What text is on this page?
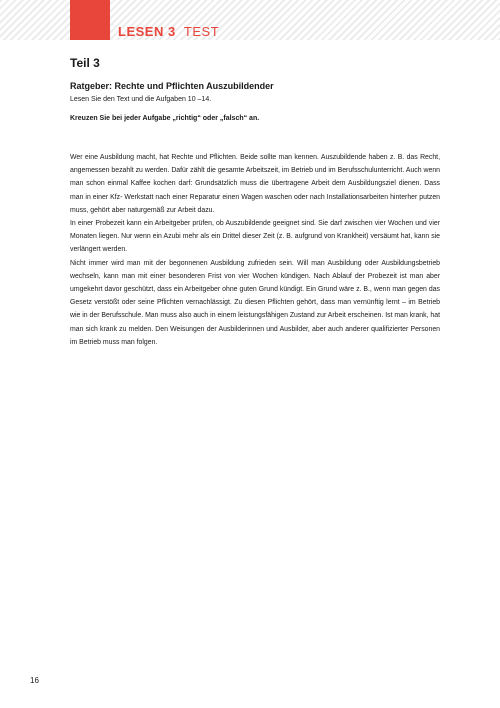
LESEN 3 TEST
Teil 3
Ratgeber: Rechte und Pflichten Auszubildender
Lesen Sie den Text und die Aufgaben 10 –14.
Kreuzen Sie bei jeder Aufgabe „richtig“ oder „falsch“ an.

Wer eine Ausbildung macht, hat Rechte und Pflichten. Beide sollte man kennen. Auszubildende haben z. B. das Recht, angemessen bezahlt zu werden. Dafür zählt die gesamte Arbeitszeit, im Betrieb und im Berufsschulunterricht. Auch wenn man schon einmal Kaffee kochen darf: Grundsätzlich muss die übertragene Arbeit dem Ausbildungsziel dienen. Dass man in einer Kfz- Werkstatt nach einer Reparatur einen Wagen waschen oder nach Installationsarbeiten hinterher putzen muss, gehört aber naturgemäß zur Arbeit dazu.

In einer Probezeit kann ein Arbeitgeber prüfen, ob Auszubildende geeignet sind. Sie darf zwischen vier Wochen und vier Monaten liegen. Nur wenn ein Azubi mehr als ein Drittel dieser Zeit (z. B. aufgrund von Krankheit) versäumt hat, kann sie verlängert werden.

Nicht immer wird man mit der begonnenen Ausbildung zufrieden sein. Will man Ausbildung oder Ausbildungsbetrieb wechseln, kann man mit einer besonderen Frist von vier Wochen kündigen. Nach Ablauf der Probezeit ist man aber umgekehrt davor geschützt, dass ein Arbeitgeber ohne guten Grund kündigt. Ein Grund wäre z. B., wenn man gegen das Gesetz verstößt oder seine Pflichten vernachlässigt. Zu diesen Pflichten gehört, dass man vernünftig lernt – im Betrieb wie in der Berufsschule. Man muss also auch in einem leistungsfähigen Zustand zur Arbeit erscheinen. Ist man krank, hat man sich krank zu melden. Den Weisungen der Ausbilderinnen und Ausbilder, aber auch anderer qualifizierter Personen im Betrieb muss man folgen.

16
